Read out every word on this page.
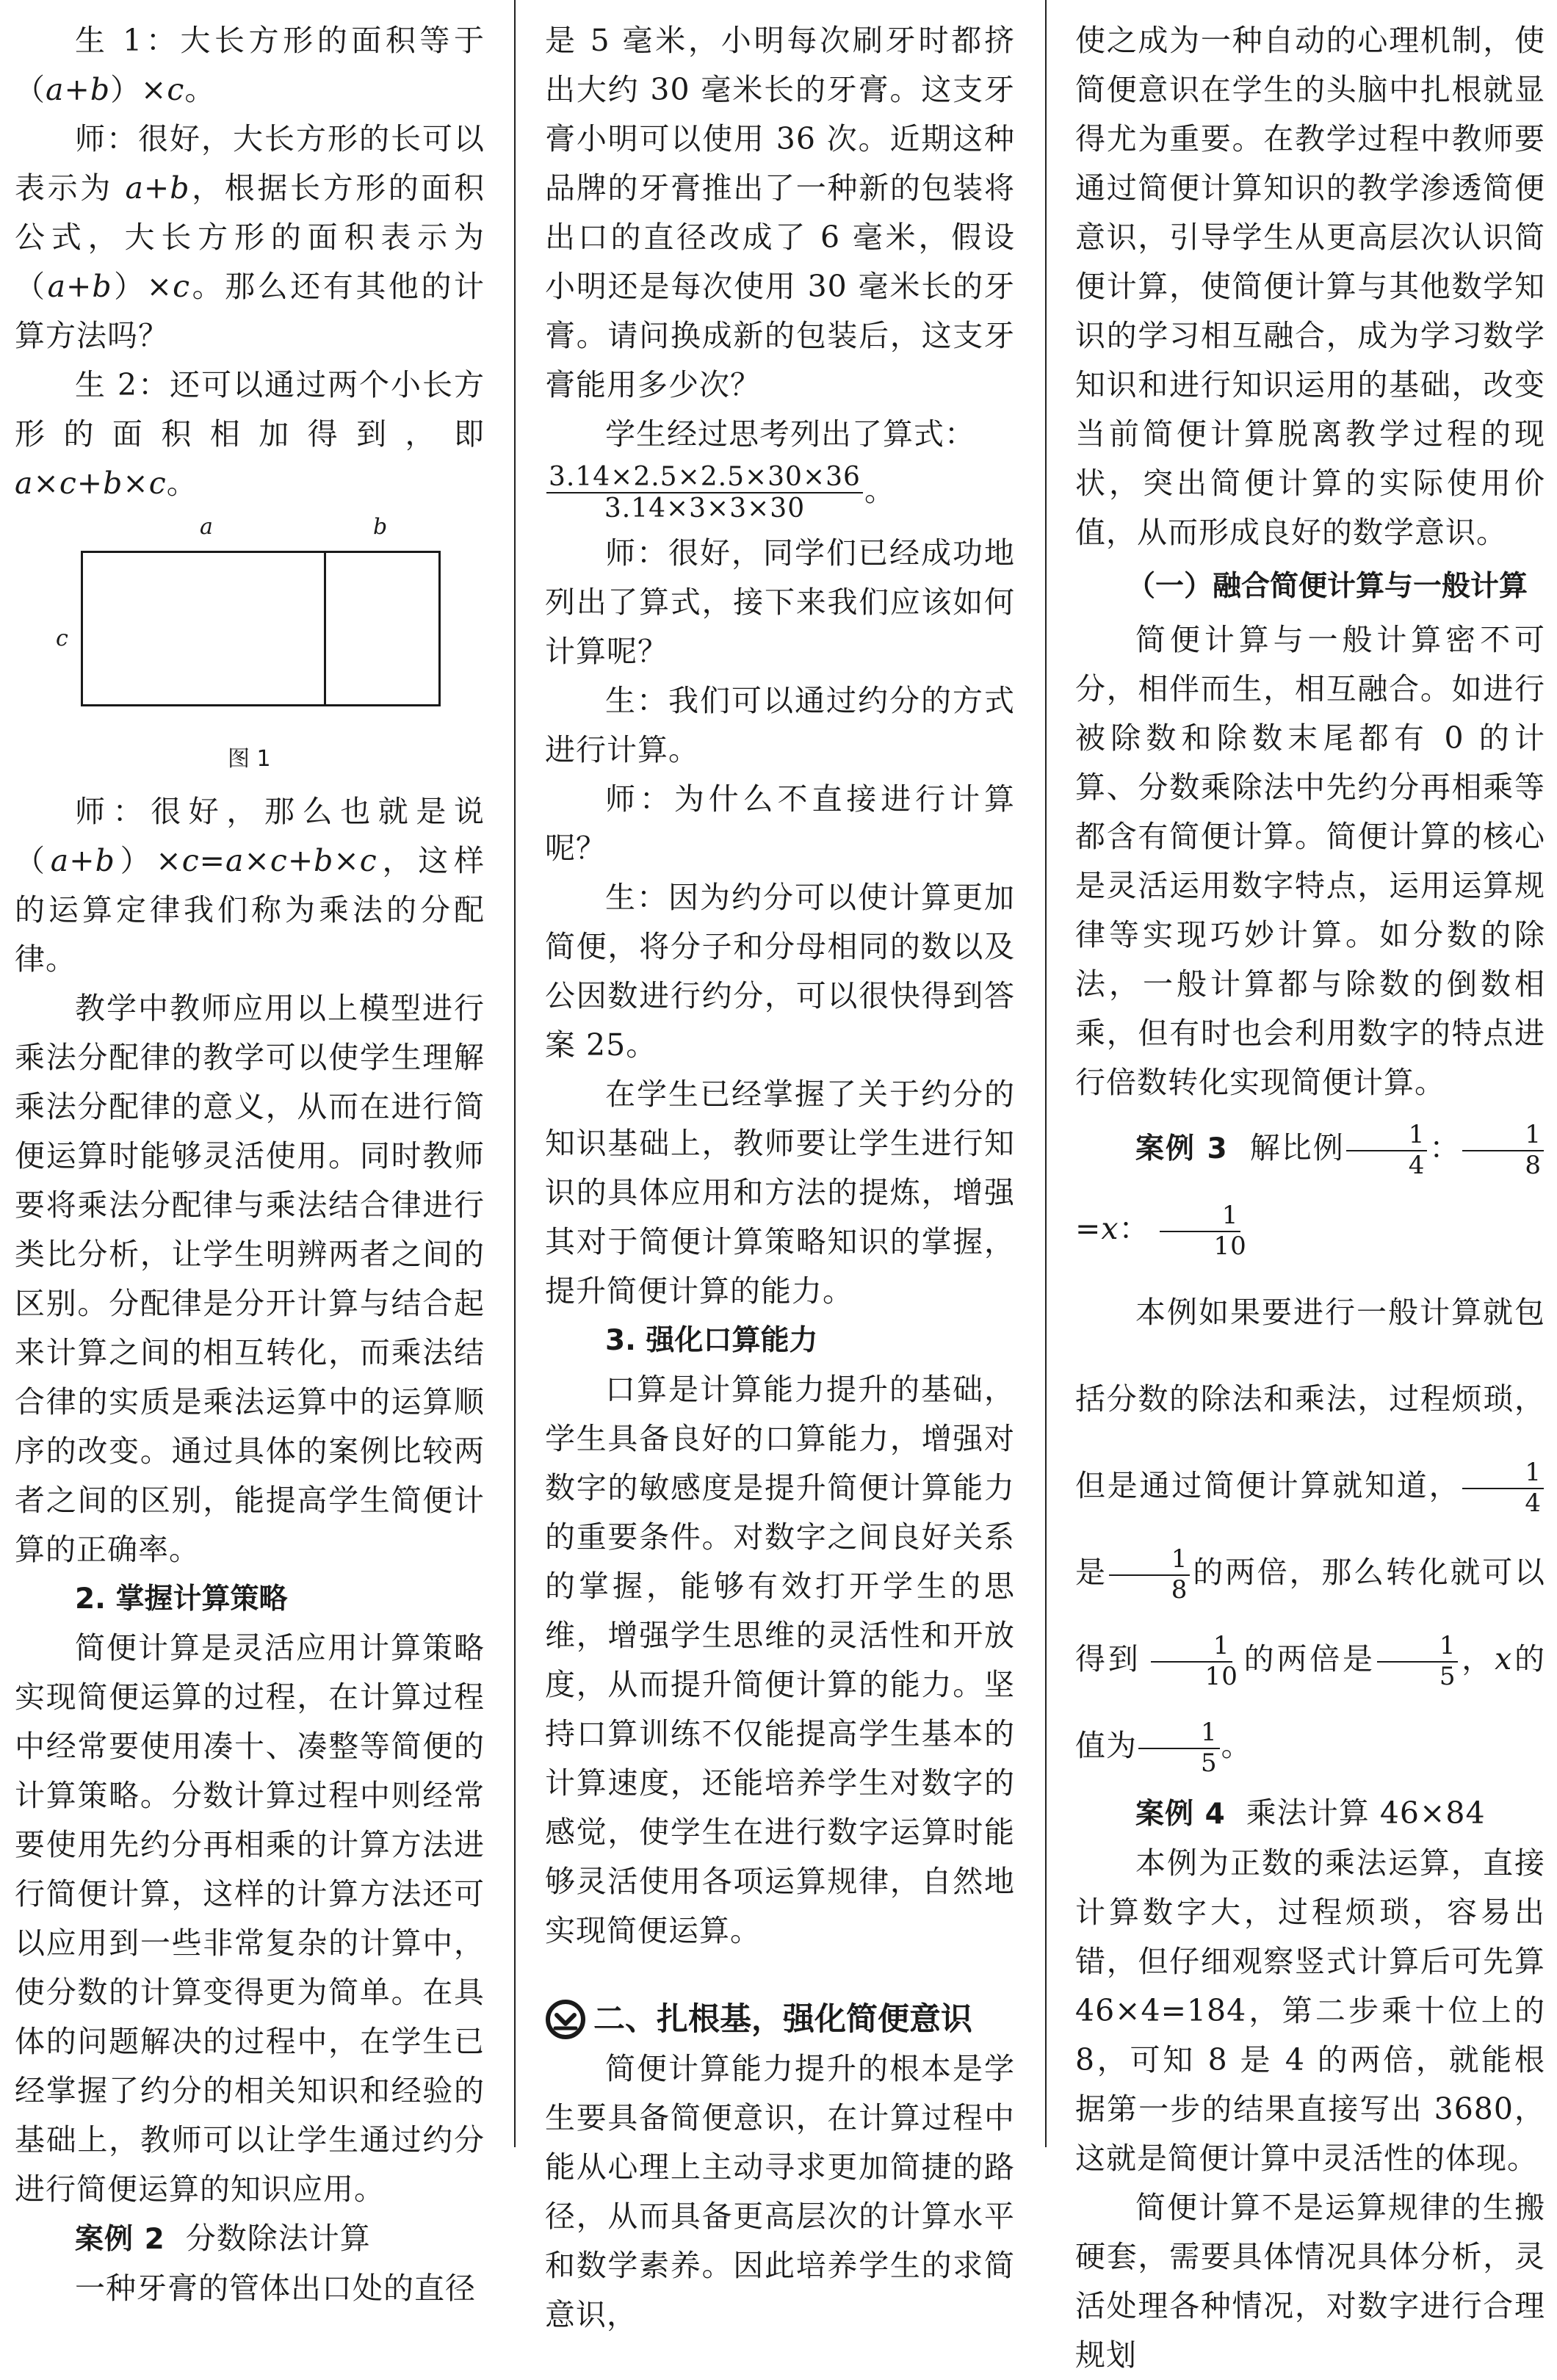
生 1：大长方形的面积等于（a+b）×c。

师：很好，大长方形的长可以表示为 a+b，根据长方形的面积公式，大长方形的面积表示为（a+b）×c。那么还有其他的计算方法吗？

生 2：还可以通过两个小长方形的面积相加得到，即 a×c+b×c。

a	b
c
图 1

师：很好，那么也就是说（a+b）×c=a×c+b×c，这样的运算定律我们称为乘法的分配律。

教学中教师应用以上模型进行乘法分配律的教学可以使学生理解乘法分配律的意义，从而在进行简便运算时能够灵活使用。同时教师要将乘法分配律与乘法结合律进行类比分析，让学生明辨两者之间的区别。分配律是分开计算与结合起来计算之间的相互转化，而乘法结合律的实质是乘法运算中的运算顺序的改变。通过具体的案例比较两者之间的区别，能提高学生简便计算的正确率。

2. 掌握计算策略

简便计算是灵活应用计算策略实现简便运算的过程，在计算过程中经常要使用凑十、凑整等简便的计算策略。分数计算过程中则经常要使用先约分再相乘的计算方法进行简便计算，这样的计算方法还可以应用到一些非常复杂的计算中，使分数的计算变得更为简单。在具体的问题解决的过程中，在学生已经掌握了约分的相关知识和经验的基础上，教师可以让学生通过约分进行简便运算的知识应用。

案例 2 分数除法计算

一种牙膏的管体出口处的直径

是 5 毫米，小明每次刷牙时都挤出大约 30 毫米长的牙膏。这支牙膏小明可以使用 36 次。近期这种品牌的牙膏推出了一种新的包装将出口的直径改成了 6 毫米，假设小明还是每次使用 30 毫米长的牙膏。请问换成新的包装后，这支牙膏能用多少次？

学生经过思考列出了算式：

$\frac{3.14\times 2.5\times 2.5\times 30\times 36}{3.14\times 3\times 3\times 30}$ 。

师：很好，同学们已经成功地列出了算式，接下来我们应该如何计算呢？

生：我们可以通过约分的方式进行计算。

师：为什么不直接进行计算呢？

生：因为约分可以使计算更加简便，将分子和分母相同的数以及公因数进行约分，可以很快得到答案 25。

在学生已经掌握了关于约分的知识基础上，教师要让学生进行知识的具体应用和方法的提炼，增强其对于简便计算策略知识的掌握，提升简便计算的能力。

3. 强化口算能力

口算是计算能力提升的基础，学生具备良好的口算能力，增强对数字的敏感度是提升简便计算能力的重要条件。对数字之间良好关系的掌握，能够有效打开学生的思维，增强学生思维的灵活性和开放度，从而提升简便计算的能力。坚持口算训练不仅能提高学生基本的计算速度，还能培养学生对数字的感觉，使学生在进行数字运算时能够灵活使用各项运算规律，自然地实现简便运算。

二、扎根基，强化简便意识

简便计算能力提升的根本是学生要具备简便意识，在计算过程中能从心理上主动寻求更加简捷的路径，从而具备更高层次的计算水平和数学素养。因此培养学生的求简意识，

使之成为一种自动的心理机制，使简便意识在学生的头脑中扎根就显得尤为重要。在教学过程中教师要通过简便计算知识的教学渗透简便意识，引导学生从更高层次认识简便计算，使简便计算与其他数学知识的学习相互融合，成为学习数学知识和进行知识运用的基础，改变当前简便计算脱离教学过程的现状，突出简便计算的实际使用价值，从而形成良好的数学意识。

（一）融合简便计算与一般计算

简便计算与一般计算密不可分，相伴而生，相互融合。如进行被除数和除数末尾都有 0 的计算、分数乘除法中先约分再相乘等都含有简便计算。简便计算的核心是灵活运用数字特点，运用运算规律等实现巧妙计算。如分数的除法，一般计算都与除数的倒数相乘，但有时也会利用数字的特点进行倍数转化实现简便计算。

案例 3 解比例 $\frac{1}{4}$ ： $\frac{1}{8}$
=x： $\frac{1}{10}$

本例如果要进行一般计算就包括分数的除法和乘法，过程烦琐，但是通过简便计算就知道， $\frac{1}{4}$
是 $\frac{1}{8}$ 的两倍，那么转化就可以得到 $\frac{1}{10}$ 的两倍是 $\frac{1}{5}$ ，x的值为 $\frac{1}{5}$ 。

案例 4 乘法计算 46×84

本例为正数的乘法运算，直接计算数字大，过程烦琐，容易出错，但仔细观察竖式计算后可先算 46×4=184，第二步乘十位上的 8，可知 8 是 4 的两倍，就能根据第一步的结果直接写出 3680，这就是简便计算中灵活性的体现。

简便计算不是运算规律的生搬硬套，需要具体情况具体分析，灵活处理各种情况，对数字进行合理规划
